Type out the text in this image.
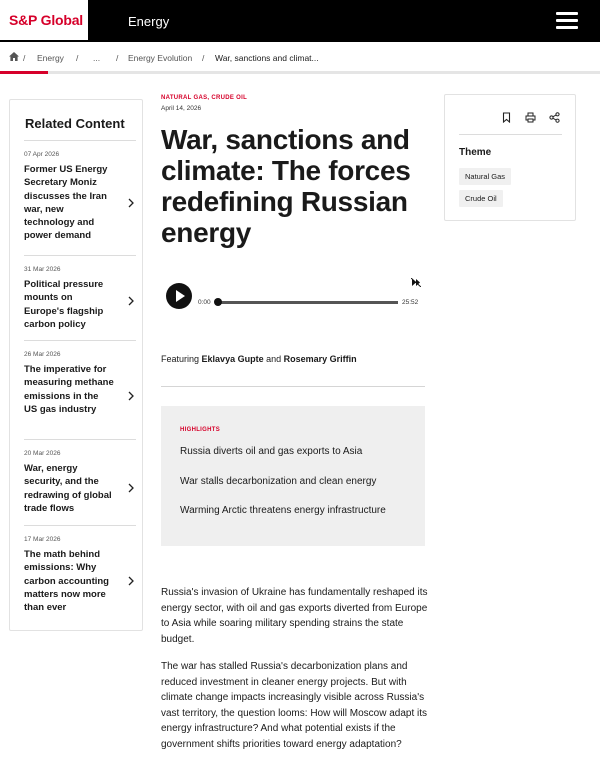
S&P Global	Energy
/ Energy / ... / Energy Evolution / War, sanctions and climat...
Related Content
07 Apr 2026
Former US Energy Secretary Moniz discusses the Iran war, new technology and power demand
31 Mar 2026
Political pressure mounts on Europe's flagship carbon policy
26 Mar 2026
The imperative for measuring methane emissions in the US gas industry
20 Mar 2026
War, energy security, and the redrawing of global trade flows
17 Mar 2026
The math behind emissions: Why carbon accounting matters now more than ever
NATURAL GAS, CRUDE OIL
April 14, 2026
War, sanctions and climate: The forces redefining Russian energy
0:00	25:52
Featuring Eklavya Gupte and Rosemary Griffin
HIGHLIGHTS
Russia diverts oil and gas exports to Asia
War stalls decarbonization and clean energy
Warming Arctic threatens energy infrastructure

Russia's invasion of Ukraine has fundamentally reshaped its energy sector, with oil and gas exports diverted from Europe to Asia while soaring military spending strains the state budget.

The war has stalled Russia's decarbonization plans and reduced investment in cleaner energy projects. But with climate change impacts increasingly visible across Russia's vast territory, the question looms: How will Moscow adapt its energy infrastructure? And what potential exists if the government shifts priorities toward energy adaptation?

Theme
Natural Gas
Crude Oil
